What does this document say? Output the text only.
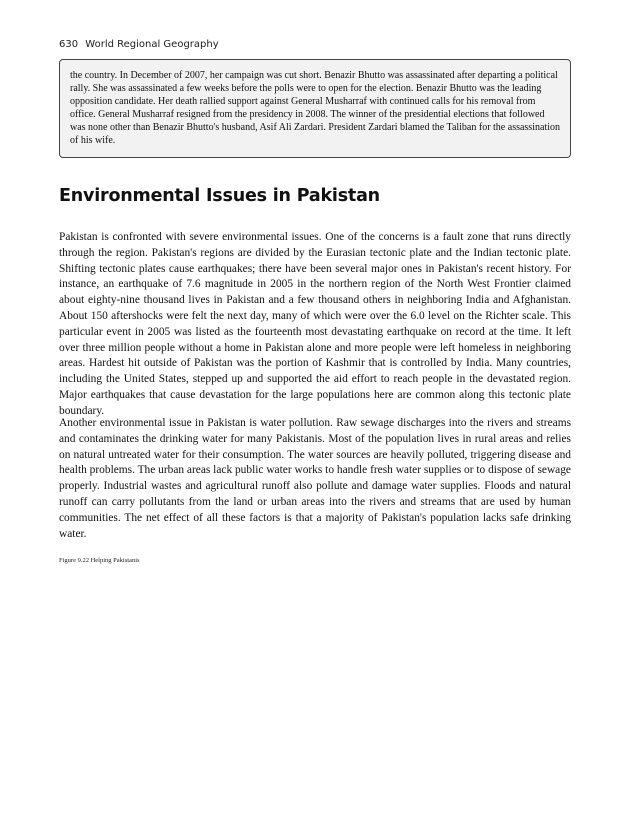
630 World Regional Geography

the country. In December of 2007, her campaign was cut short. Benazir Bhutto was assassinated after departing a political rally. She was assassinated a few weeks before the polls were to open for the election. Benazir Bhutto was the leading opposition candidate. Her death rallied support against General Musharraf with continued calls for his removal from office. General Musharraf resigned from the presidency in 2008. The winner of the presidential elections that followed was none other than Benazir Bhutto's husband, Asif Ali Zardari. President Zardari blamed the Taliban for the assassination of his wife.

Environmental Issues in Pakistan

Pakistan is confronted with severe environmental issues. One of the concerns is a fault zone that runs directly through the region. Pakistan's regions are divided by the Eurasian tectonic plate and the Indian tectonic plate. Shifting tectonic plates cause earthquakes; there have been several major ones in Pakistan's recent history. For instance, an earthquake of 7.6 magnitude in 2005 in the northern region of the North West Frontier claimed about eighty-nine thousand lives in Pakistan and a few thousand others in neighboring India and Afghanistan. About 150 aftershocks were felt the next day, many of which were over the 6.0 level on the Richter scale. This particular event in 2005 was listed as the fourteenth most devastating earthquake on record at the time. It left over three million people without a home in Pakistan alone and more people were left homeless in neighboring areas. Hardest hit outside of Pakistan was the portion of Kashmir that is controlled by India. Many countries, including the United States, stepped up and supported the aid effort to reach people in the devastated region. Major earthquakes that cause devastation for the large populations here are common along this tectonic plate boundary.

Another environmental issue in Pakistan is water pollution. Raw sewage discharges into the rivers and streams and contaminates the drinking water for many Pakistanis. Most of the population lives in rural areas and relies on natural untreated water for their consumption. The water sources are heavily polluted, triggering disease and health problems. The urban areas lack public water works to handle fresh water supplies or to dispose of sewage properly. Industrial wastes and agricultural runoff also pollute and damage water supplies. Floods and natural runoff can carry pollutants from the land or urban areas into the rivers and streams that are used by human communities. The net effect of all these factors is that a majority of Pakistan's population lacks safe drinking water.

Figure 9.22 Helping Pakistanis
